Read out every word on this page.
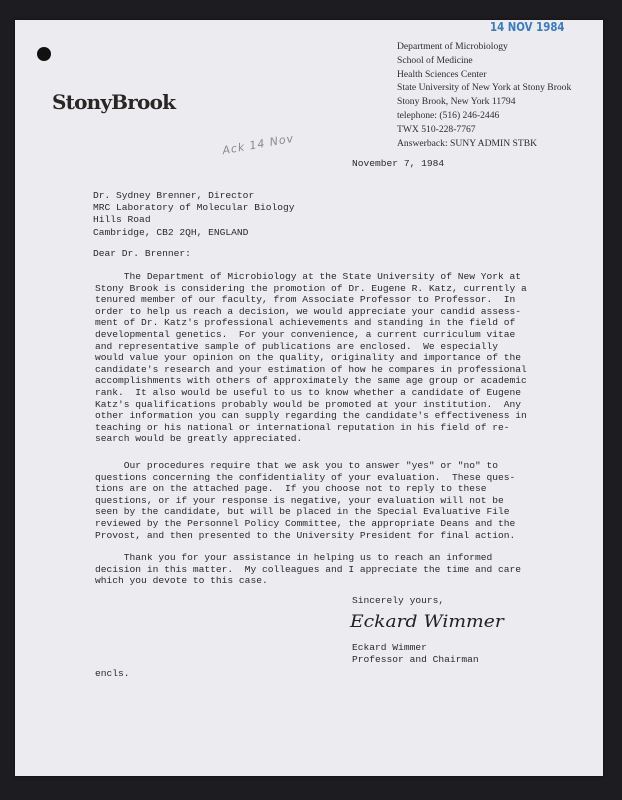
14 NOV 1984
StonyBrook
Department of Microbiology
School of Medicine
Health Sciences Center
State University of New York at Stony Brook
Stony Brook, New York 11794
telephone: (516) 246-2446
TWX 510-228-7767
Answerback: SUNY ADMIN STBK
Ack 14 Nov
November 7, 1984
Dr. Sydney Brenner, Director
MRC Laboratory of Molecular Biology
Hills Road
Cambridge, CB2 2QH, ENGLAND
Dear Dr. Brenner:
The Department of Microbiology at the State University of New York at
Stony Brook is considering the promotion of Dr. Eugene R. Katz, currently a
tenured member of our faculty, from Associate Professor to Professor.  In
order to help us reach a decision, we would appreciate your candid assess-
ment of Dr. Katz's professional achievements and standing in the field of
developmental genetics.  For your convenience, a current curriculum vitae
and representative sample of publications are enclosed.  We especially
would value your opinion on the quality, originality and importance of the
candidate's research and your estimation of how he compares in professional
accomplishments with others of approximately the same age group or academic
rank.  It also would be useful to us to know whether a candidate of Eugene
Katz's qualifications probably would be promoted at your institution.  Any
other information you can supply regarding the candidate's effectiveness in
teaching or his national or international reputation in his field of re-
search would be greatly appreciated.
Our procedures require that we ask you to answer "yes" or "no" to
questions concerning the confidentiality of your evaluation.  These ques-
tions are on the attached page.  If you choose not to reply to these
questions, or if your response is negative, your evaluation will not be
seen by the candidate, but will be placed in the Special Evaluative File
reviewed by the Personnel Policy Committee, the appropriate Deans and the
Provost, and then presented to the University President for final action.
Thank you for your assistance in helping us to reach an informed
decision in this matter.  My colleagues and I appreciate the time and care
which you devote to this case.
Sincerely yours,
Eckard Wimmer
Eckard Wimmer
Professor and Chairman
encls.
